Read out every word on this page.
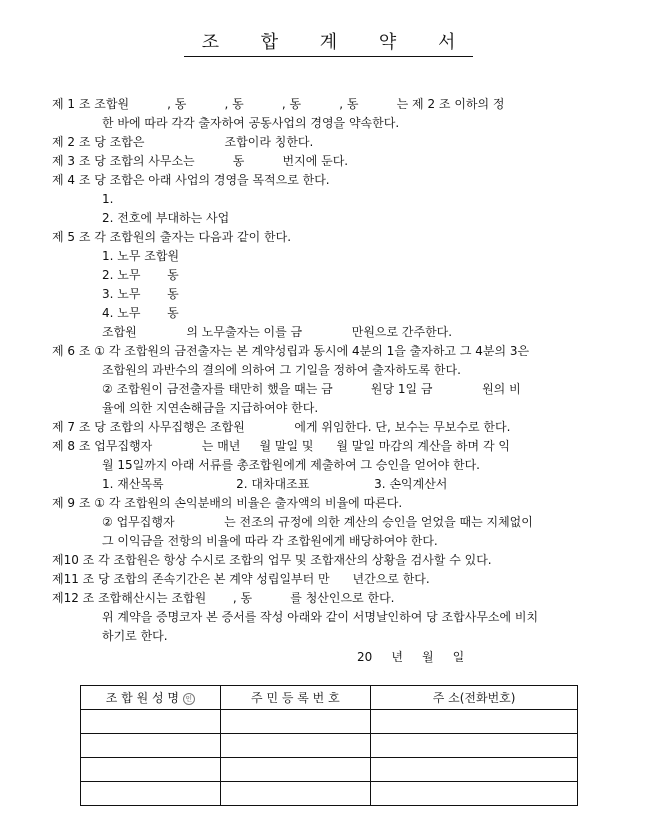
조 합 계 약 서
제 1 조 조합원          , 동          , 동          , 동          , 동          는 제 2 조 이하의 정
한 바에 따라 각각 출자하여 공동사업의 경영을 약속한다.
제 2 조 당 조합은                     조합이라 칭한다.
제 3 조 당 조합의 사무소는          동          번지에 둔다.
제 4 조 당 조합은 아래 사업의 경영을 목적으로 한다.
1.
2. 전호에 부대하는 사업
제 5 조 각 조합원의 출자는 다음과 같이 한다.
1. 노무 조합원
2. 노무       동
3. 노무       동
4. 노무       동
조합원             의 노무출자는 이를 금             만원으로 간주한다.
제 6 조 ① 각 조합원의 금전출자는 본 계약성립과 동시에 4분의 1을 출자하고 그 4분의 3은
조합원의 과반수의 결의에 의하여 그 기일을 정하여 출자하도록 한다.
② 조합원이 금전출자를 태만히 했을 때는 금          원당 1일 금             원의 비
율에 의한 지연손해금을 지급하여야 한다.
제 7 조 당 조합의 사무집행은 조합원             에게 위임한다. 단, 보수는 무보수로 한다.
제 8 조 업무집행자             는 매년     월 말일 및      월 말일 마감의 계산을 하며 각 익
월 15일까지 아래 서류를 총조합원에게 제출하여 그 승인을 얻어야 한다.
1. 재산목록                   2. 대차대조표                 3. 손익계산서
제 9 조 ① 각 조합원의 손익분배의 비율은 출자액의 비율에 따른다.
② 업무집행자             는 전조의 규정에 의한 계산의 승인을 얻었을 때는 지체없이
그 이익금을 전항의 비율에 따라 각 조합원에게 배당하여야 한다.
제10 조 각 조합원은 항상 수시로 조합의 업무 및 조합재산의 상황을 검사할 수 있다.
제11 조 당 조합의 존속기간은 본 계약 성립일부터 만      년간으로 한다.
제12 조 조합해산시는 조합원       , 동          를 청산인으로 한다.
위 계약을 증명코자 본 증서를 작성 아래와 같이 서명날인하여 당 조합사무소에 비치
하기로 한다.
20     년     월     일
조 합 원 성 명 인	주 민 등 록 번 호	주 소(전화번호)
